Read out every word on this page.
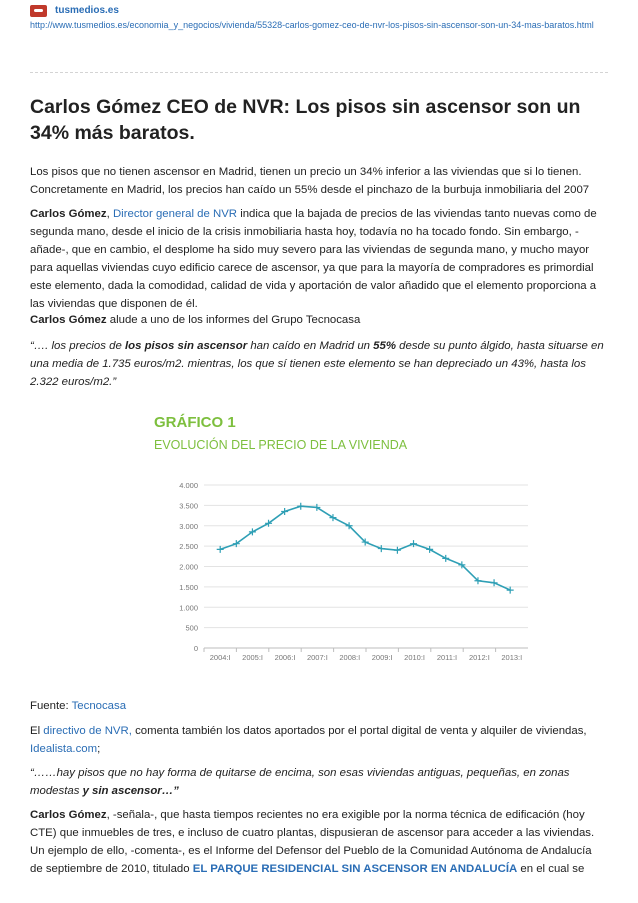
tusmedios.es
http://www.tusmedios.es/economia_y_negocios/vivienda/55328-carlos-gomez-ceo-de-nvr-los-pisos-sin-ascensor-son-un-34-mas-baratos.html
Carlos Gómez CEO de NVR: Los pisos sin ascensor son un
34% más baratos.

Los pisos que no tienen ascensor en Madrid, tienen un precio un 34% inferior a las viviendas que si lo tienen.
Concretamente en Madrid, los precios han caído un 55% desde el pinchazo de la burbuja inmobiliaria del 2007

Carlos Gómez, Director general de NVR indica que la bajada de precios de las viviendas tanto nuevas como de
segunda mano, desde el inicio de la crisis inmobiliaria hasta hoy, todavía no ha tocado fondo. Sin embargo, -
añade-, que en cambio, el desplome ha sido muy severo para las viviendas de segunda mano, y mucho mayor
para aquellas viviendas cuyo edificio carece de ascensor, ya que para la mayoría de compradores es primordial
este elemento, dada la comodidad, calidad de vida y aportación de valor añadido que el elemento proporciona a
las viviendas que disponen de él.

Carlos Gómez alude a uno de los informes del Grupo Tecnocasa

“…. los precios de los pisos sin ascensor han caído en Madrid un 55% desde su punto álgido, hasta situarse en
una media de 1.735 euros/m2. mientras, los que sí tienen este elemento se han depreciado un 43%, hasta los
2.322 euros/m2.”

Fuente: Tecnocasa

El directivo de NVR, comenta también los datos aportados por el portal digital de venta y alquiler de viviendas,
Idealista.com;

“……hay pisos que no hay forma de quitarse de encima, son esas viviendas antiguas, pequeñas, en zonas
modestas y sin ascensor…”

Carlos Gómez, -señala-, que hasta tiempos recientes no era exigible por la norma técnica de edificación (hoy
CTE) que inmuebles de tres, e incluso de cuatro plantas, dispusieran de ascensor para acceder a las viviendas.
Un ejemplo de ello, -comenta-, es el Informe del Defensor del Pueblo de la Comunidad Autónoma de Andalucía
de septiembre de 2010, titulado EL PARQUE RESIDENCIAL SIN ASCENSOR EN ANDALUCÍA en el cual se

GRÁFICO 1
EVOLUCIÓN DEL PRECIO DE LA VIVIENDA
4.000
3.500
3.000
2.500
2.000
1.500
1.000
500
0
2004:I 2005:I 2006:I 2007:I 2008:I 2009:I 2010:I 2011:I 2012:I 2013:I
